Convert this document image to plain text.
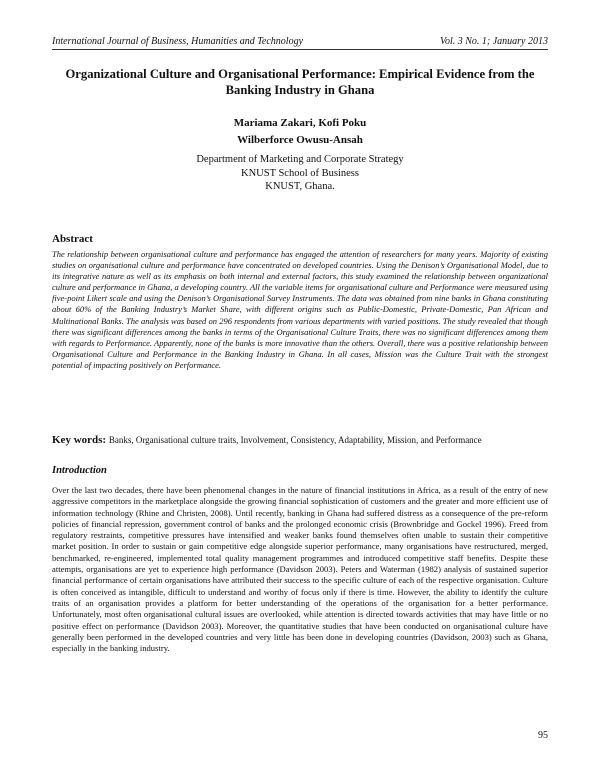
International Journal of Business, Humanities and Technology	Vol. 3 No. 1; January 2013
Organizational Culture and Organisational Performance: Empirical Evidence from the Banking Industry in Ghana
Mariama Zakari, Kofi Poku
Wilberforce Owusu-Ansah
Department of Marketing and Corporate Strategy
KNUST School of Business
KNUST, Ghana.
Abstract
The relationship between organisational culture and performance has engaged the attention of researchers for many years. Majority of existing studies on organisational culture and performance have concentrated on developed countries. Using the Denison’s Organisational Model, due to its integrative nature as well as its emphasis on both internal and external factors, this study examined the relationship between organizational culture and performance in Ghana, a developing country. All the variable items for organisational culture and Performance were measured using five-point Likert scale and using the Denison’s Organisational Survey Instruments. The data was obtained from nine banks in Ghana constituting about 60% of the Banking Industry’s Market Share, with different origins such as Public-Domestic, Private-Domestic, Pan African and Multinational Banks. The analysis was based on 296 respondents from various departments with varied positions. The study revealed that though there was significant differences among the banks in terms of the Organisational Culture Traits, there was no significant differences among them with regards to Performance. Apparently, none of the banks is more innovative than the others. Overall, there was a positive relationship between Organisational Culture and Performance in the Banking Industry in Ghana. In all cases, Mission was the Culture Trait with the strongest potential of impacting positively on Performance.
Key words: Banks, Organisational culture traits, Involvement, Consistency, Adaptability, Mission, and Performance
Introduction
Over the last two decades, there have been phenomenal changes in the nature of financial institutions in Africa, as a result of the entry of new aggressive competitors in the marketplace alongside the growing financial sophistication of customers and the greater and more efficient use of information technology (Rhine and Christen, 2008). Until recently, banking in Ghana had suffered distress as a consequence of the pre-reform policies of financial repression, government control of banks and the prolonged economic crisis (Brownbridge and Gockel 1996). Freed from regulatory restraints, competitive pressures have intensified and weaker banks found themselves often unable to sustain their competitive market position. In order to sustain or gain competitive edge alongside superior performance, many organisations have restructured, merged, benchmarked, re-engineered, implemented total quality management programmes and introduced competitive staff benefits. Despite these attempts, organisations are yet to experience high performance (Davidson 2003). Peters and Waterman (1982) analysis of sustained superior financial performance of certain organisations have attributed their success to the specific culture of each of the respective organisation. Culture is often conceived as intangible, difficult to understand and worthy of focus only if there is time. However, the ability to identify the culture traits of an organisation provides a platform for better understanding of the operations of the organisation for a better performance. Unfortunately, most often organisational cultural issues are overlooked, while attention is directed towards activities that may have little or no positive effect on performance (Davidson 2003). Moreover, the quantitative studies that have been conducted on organisational culture have generally been performed in the developed countries and very little has been done in developing countries (Davidson, 2003) such as Ghana, especially in the banking industry.
95
